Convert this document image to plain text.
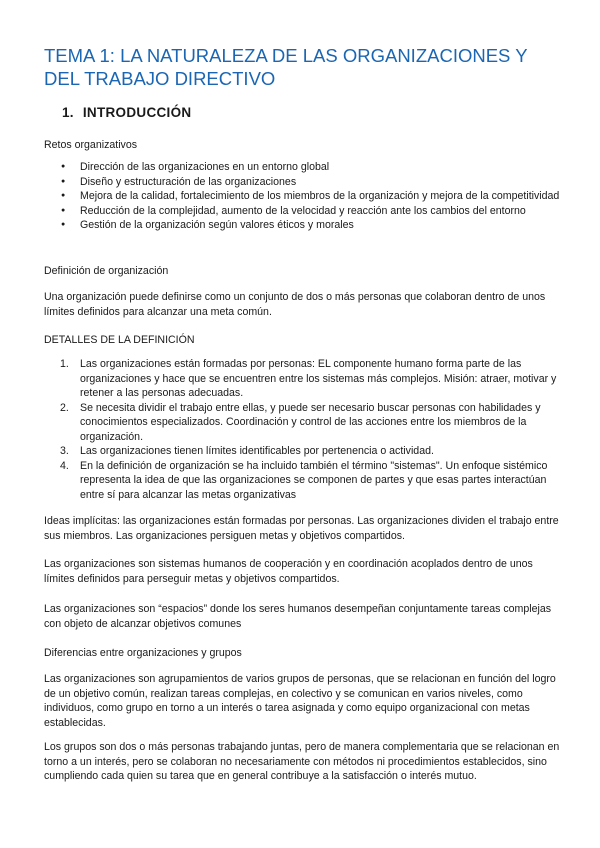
TEMA 1: LA NATURALEZA DE LAS ORGANIZACIONES Y DEL TRABAJO DIRECTIVO
1. INTRODUCCIÓN

Retos organizativos

● Dirección de las organizaciones en un entorno global
● Diseño y estructuración de las organizaciones
● Mejora de la calidad, fortalecimiento de los miembros de la organización y mejora de la competitividad
● Reducción de la complejidad, aumento de la velocidad y reacción ante los cambios del entorno
● Gestión de la organización según valores éticos y morales

Definición de organización

Una organización puede definirse como un conjunto de dos o más personas que colaboran dentro de unos límites definidos para alcanzar una meta común.

DETALLES DE LA DEFINICIÓN

1. Las organizaciones están formadas por personas: EL componente humano forma parte de las organizaciones y hace que se encuentren entre los sistemas más complejos. Misión: atraer, motivar y retener a las personas adecuadas.
2. Se necesita dividir el trabajo entre ellas, y puede ser necesario buscar personas con habilidades y conocimientos especializados. Coordinación y control de las acciones entre los miembros de la organización.
3. Las organizaciones tienen límites identificables por pertenencia o actividad.
4. En la definición de organización se ha incluido también el término "sistemas". Un enfoque sistémico representa la idea de que las organizaciones se componen de partes y que esas partes interactúan entre sí para alcanzar las metas organizativas

Ideas implícitas: las organizaciones están formadas por personas. Las organizaciones dividen el trabajo entre sus miembros. Las organizaciones persiguen metas y objetivos compartidos.

Las organizaciones son sistemas humanos de cooperación y en coordinación acoplados dentro de unos límites definidos para perseguir metas y objetivos compartidos.

Las organizaciones son “espacios” donde los seres humanos desempeñan conjuntamente tareas complejas con objeto de alcanzar objetivos comunes

Diferencias entre organizaciones y grupos

Las organizaciones son agrupamientos de varios grupos de personas, que se relacionan en función del logro de un objetivo común, realizan tareas complejas, en colectivo y se comunican en varios niveles, como individuos, como grupo en torno a un interés o tarea asignada y como equipo organizacional con metas establecidas.

Los grupos son dos o más personas trabajando juntas, pero de manera complementaria que se relacionan en torno a un interés, pero se colaboran no necesariamente con métodos ni procedimientos establecidos, sino cumpliendo cada quien su tarea que en general contribuye a la satisfacción o interés mutuo.
